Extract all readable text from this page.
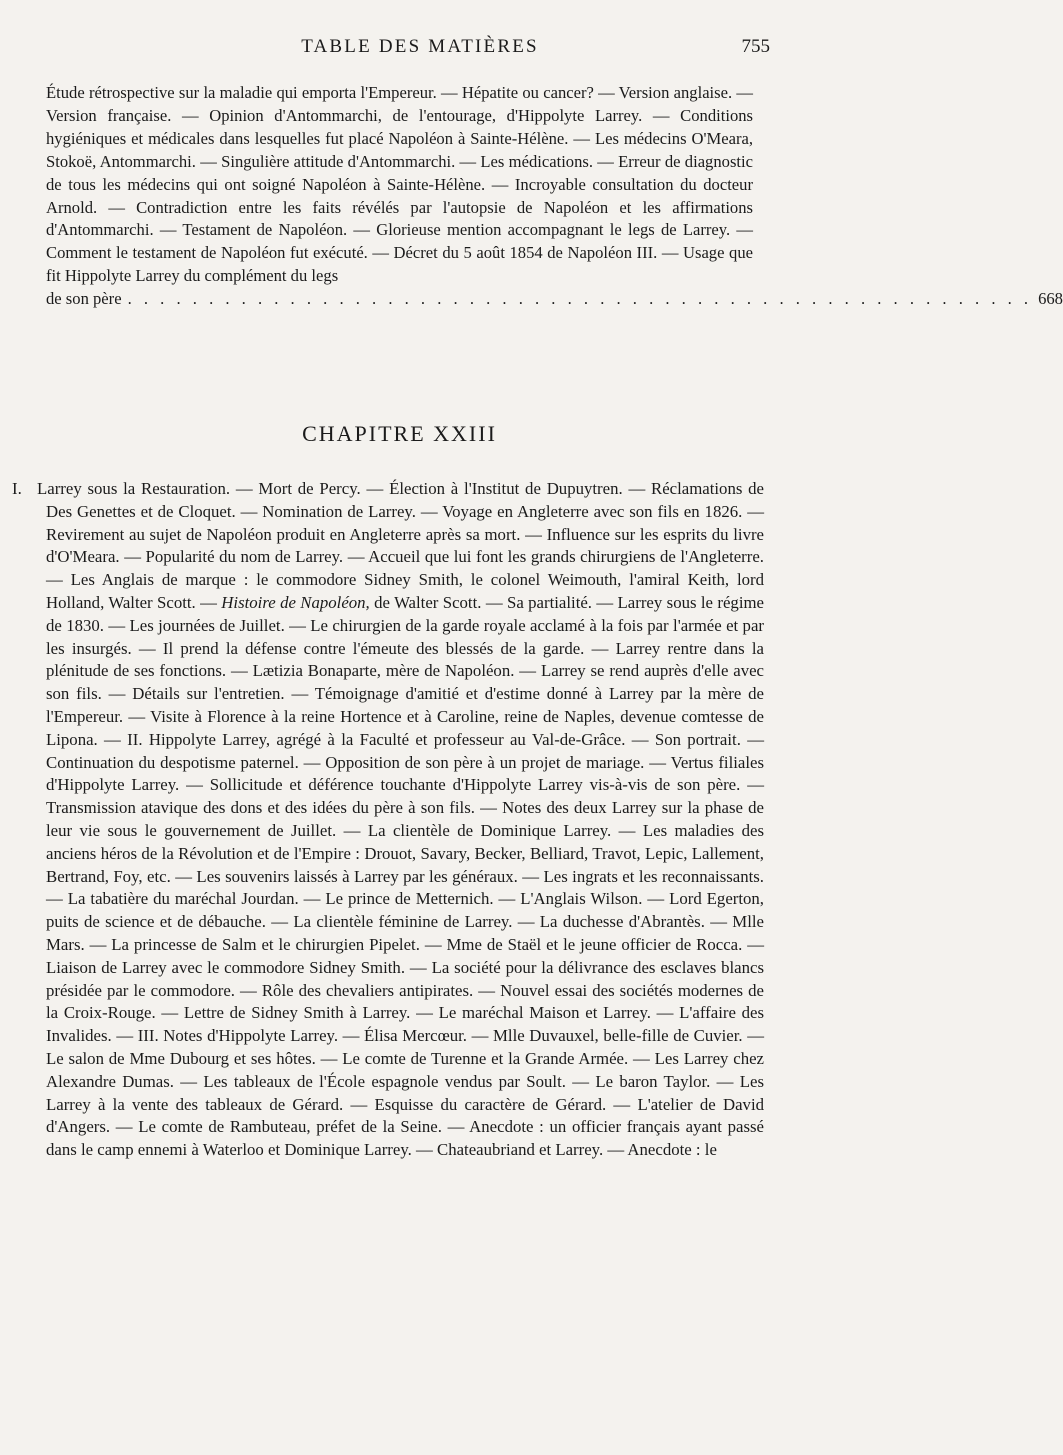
TABLE DES MATIÈRES	755
Étude rétrospective sur la maladie qui emporta l'Empereur. — Hépatite ou cancer? — Version anglaise. — Version française. — Opinion d'Antommarchi, de l'entourage, d'Hippolyte Larrey. — Conditions hygiéniques et médicales dans lesquelles fut placé Napoléon à Sainte-Hélène. — Les médecins O'Meara, Stokoë, Antommarchi. — Singulière attitude d'Antommarchi. — Les médications. — Erreur de diagnostic de tous les médecins qui ont soigné Napoléon à Sainte-Hélène. — Incroyable consultation du docteur Arnold. — Contradiction entre les faits révélés par l'autopsie de Napoléon et les affirmations d'Antommarchi. — Testament de Napoléon. — Glorieuse mention accompagnant le legs de Larrey. — Comment le testament de Napoléon fut exécuté. — Décret du 5 août 1854 de Napoléon III. — Usage que fit Hippolyte Larrey du complément du legs
de son père . . . . . . . . . . . . . . . . . . . . . . . . . . . . . . . . . . . . . . . . . . . . . . . . . . . . . . . . 668
CHAPITRE XXIII
I. Larrey sous la Restauration. — Mort de Percy. — Élection à l'Institut de Dupuytren. — Réclamations de Des Genettes et de Cloquet. — Nomination de Larrey. — Voyage en Angleterre avec son fils en 1826. — Revirement au sujet de Napoléon produit en Angleterre après sa mort. — Influence sur les esprits du livre d'O'Meara. — Popularité du nom de Larrey. — Accueil que lui font les grands chirurgiens de l'Angleterre. — Les Anglais de marque : le commodore Sidney Smith, le colonel Weimouth, l'amiral Keith, lord Holland, Walter Scott. — Histoire de Napoléon, de Walter Scott. — Sa partialité. — Larrey sous le régime de 1830. — Les journées de Juillet. — Le chirurgien de la garde royale acclamé à la fois par l'armée et par les insurgés. — Il prend la défense contre l'émeute des blessés de la garde. — Larrey rentre dans la plénitude de ses fonctions. — Lætizia Bonaparte, mère de Napoléon. — Larrey se rend auprès d'elle avec son fils. — Détails sur l'entretien. — Témoignage d'amitié et d'estime donné à Larrey par la mère de l'Empereur. — Visite à Florence à la reine Hortence et à Caroline, reine de Naples, devenue comtesse de Lipona. — II. Hippolyte Larrey, agrégé à la Faculté et professeur au Val-de-Grâce. — Son portrait. — Continuation du despotisme paternel. — Opposition de son père à un projet de mariage. — Vertus filiales d'Hippolyte Larrey. — Sollicitude et déférence touchante d'Hippolyte Larrey vis-à-vis de son père. — Transmission atavique des dons et des idées du père à son fils. — Notes des deux Larrey sur la phase de leur vie sous le gouvernement de Juillet. — La clientèle de Dominique Larrey. — Les maladies des anciens héros de la Révolution et de l'Empire : Drouot, Savary, Becker, Belliard, Travot, Lepic, Lallement, Bertrand, Foy, etc. — Les souvenirs laissés à Larrey par les généraux. — Les ingrats et les reconnaissants. — La tabatière du maréchal Jourdan. — Le prince de Metternich. — L'Anglais Wilson. — Lord Egerton, puits de science et de débauche. — La clientèle féminine de Larrey. — La duchesse d'Abrantès. — Mlle Mars. — La princesse de Salm et le chirurgien Pipelet. — Mme de Staël et le jeune officier de Rocca. — Liaison de Larrey avec le commodore Sidney Smith. — La société pour la délivrance des esclaves blancs présidée par le commodore. — Rôle des chevaliers antipirates. — Nouvel essai des sociétés modernes de la Croix-Rouge. — Lettre de Sidney Smith à Larrey. — Le maréchal Maison et Larrey. — L'affaire des Invalides. — III. Notes d'Hippolyte Larrey. — Élisa Mercœur. — Mlle Duvauxel, belle-fille de Cuvier. — Le salon de Mme Dubourg et ses hôtes. — Le comte de Turenne et la Grande Armée. — Les Larrey chez Alexandre Dumas. — Les tableaux de l'École espagnole vendus par Soult. — Le baron Taylor. — Les Larrey à la vente des tableaux de Gérard. — Esquisse du caractère de Gérard. — L'atelier de David d'Angers. — Le comte de Rambuteau, préfet de la Seine. — Anecdote : un officier français ayant passé dans le camp ennemi à Waterloo et Dominique Larrey. — Chateaubriand et Larrey. — Anecdote : le
